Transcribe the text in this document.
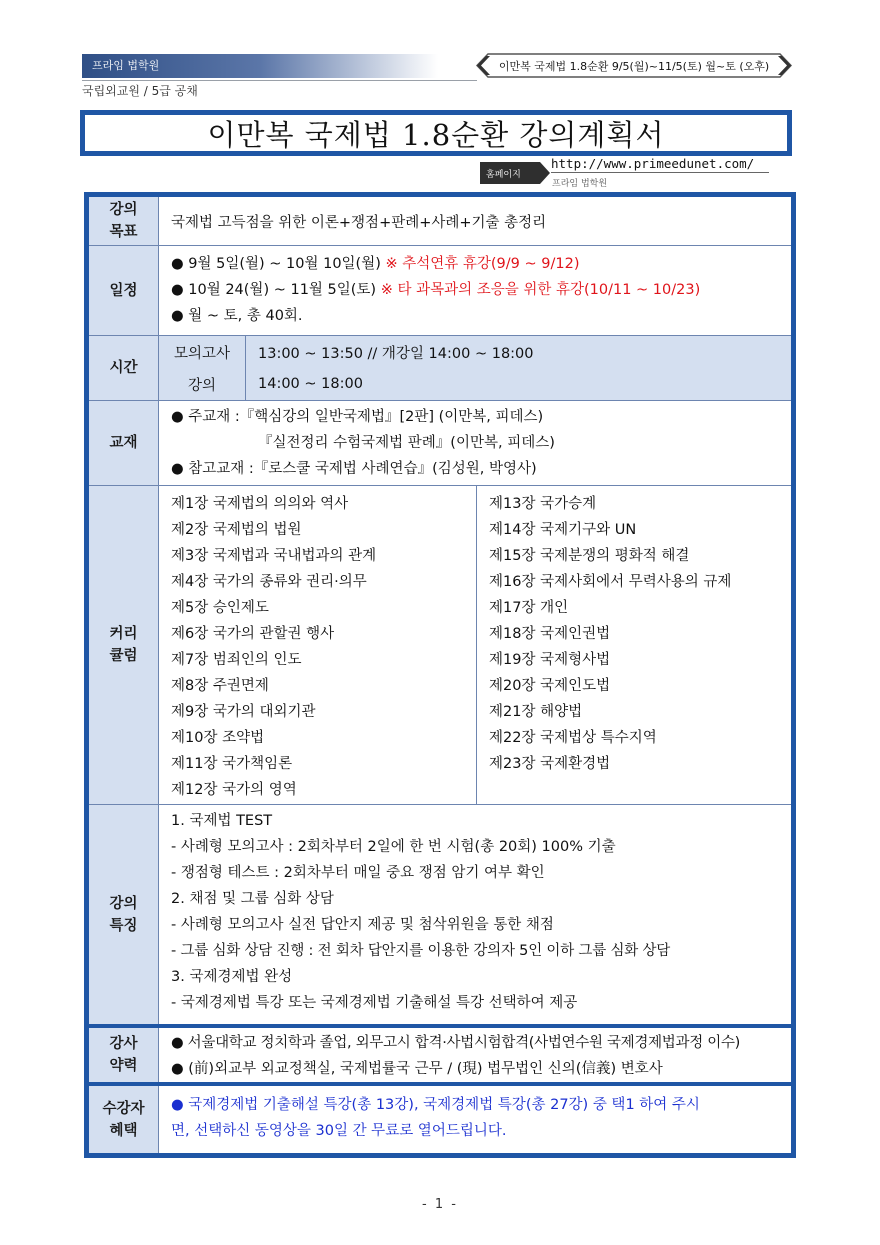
프라임 법학원
국립외교원 / 5급 공채
이만복 국제법 1.8순환 9/5(월)~11/5(토) 월~토 (오후)
이만복 국제법 1.8순환 강의계획서
홈페이지
http://www.primeedunet.com/
프라임 법학원
강의목표
국제법 고득점을 위한 이론+쟁점+판례+사례+기출 총정리
일정
● 9월 5일(월) ~ 10월 10일(월) ※ 추석연휴 휴강(9/9 ~ 9/12)
● 10월 24(월) ~ 11월 5일(토) ※ 타 과목과의 조응을 위한 휴강(10/11 ~ 10/23)
● 월 ~ 토, 총 40회.
시간
모의고사	13:00 ~ 13:50 // 개강일 14:00 ~ 18:00
강의	14:00 ~ 18:00
교재
● 주교재 :『핵심강의 일반국제법』[2판] (이만복, 피데스)
『실전정리 수험국제법 판례』(이만복, 피데스)
● 참고교재 :『로스쿨 국제법 사례연습』(김성원, 박영사)
커리큘럼
제1장 국제법의 의의와 역사
제2장 국제법의 법원
제3장 국제법과 국내법과의 관계
제4장 국가의 종류와 권리·의무
제5장 승인제도
제6장 국가의 관할권 행사
제7장 범죄인의 인도
제8장 주권면제
제9장 국가의 대외기관
제10장 조약법
제11장 국가책임론
제12장 국가의 영역
제13장 국가승계
제14장 국제기구와 UN
제15장 국제분쟁의 평화적 해결
제16장 국제사회에서 무력사용의 규제
제17장 개인
제18장 국제인권법
제19장 국제형사법
제20장 국제인도법
제21장 해양법
제22장 국제법상 특수지역
제23장 국제환경법
강의특징
1. 국제법 TEST
- 사례형 모의고사 : 2회차부터 2일에 한 번 시험(총 20회) 100% 기출
- 쟁점형 테스트 : 2회차부터 매일 중요 쟁점 암기 여부 확인
2. 채점 및 그룹 심화 상담
- 사례형 모의고사 실전 답안지 제공 및 첨삭위원을 통한 채점
- 그룹 심화 상담 진행 : 전 회차 답안지를 이용한 강의자 5인 이하 그룹 심화 상담
3. 국제경제법 완성
- 국제경제법 특강 또는 국제경제법 기출해설 특강 선택하여 제공
강사약력
● 서울대학교 정치학과 졸업, 외무고시 합격·사법시험합격(사법연수원 국제경제법과정 이수)
● (前)외교부 외교정책실, 국제법률국 근무 / (現) 법무법인 신의(信義) 변호사
수강자혜택
● 국제경제법 기출해설 특강(총 13강), 국제경제법 특강(총 27강) 중 택1 하여 주시
면, 선택하신 동영상을 30일 간 무료로 열어드립니다.
- 1 -
